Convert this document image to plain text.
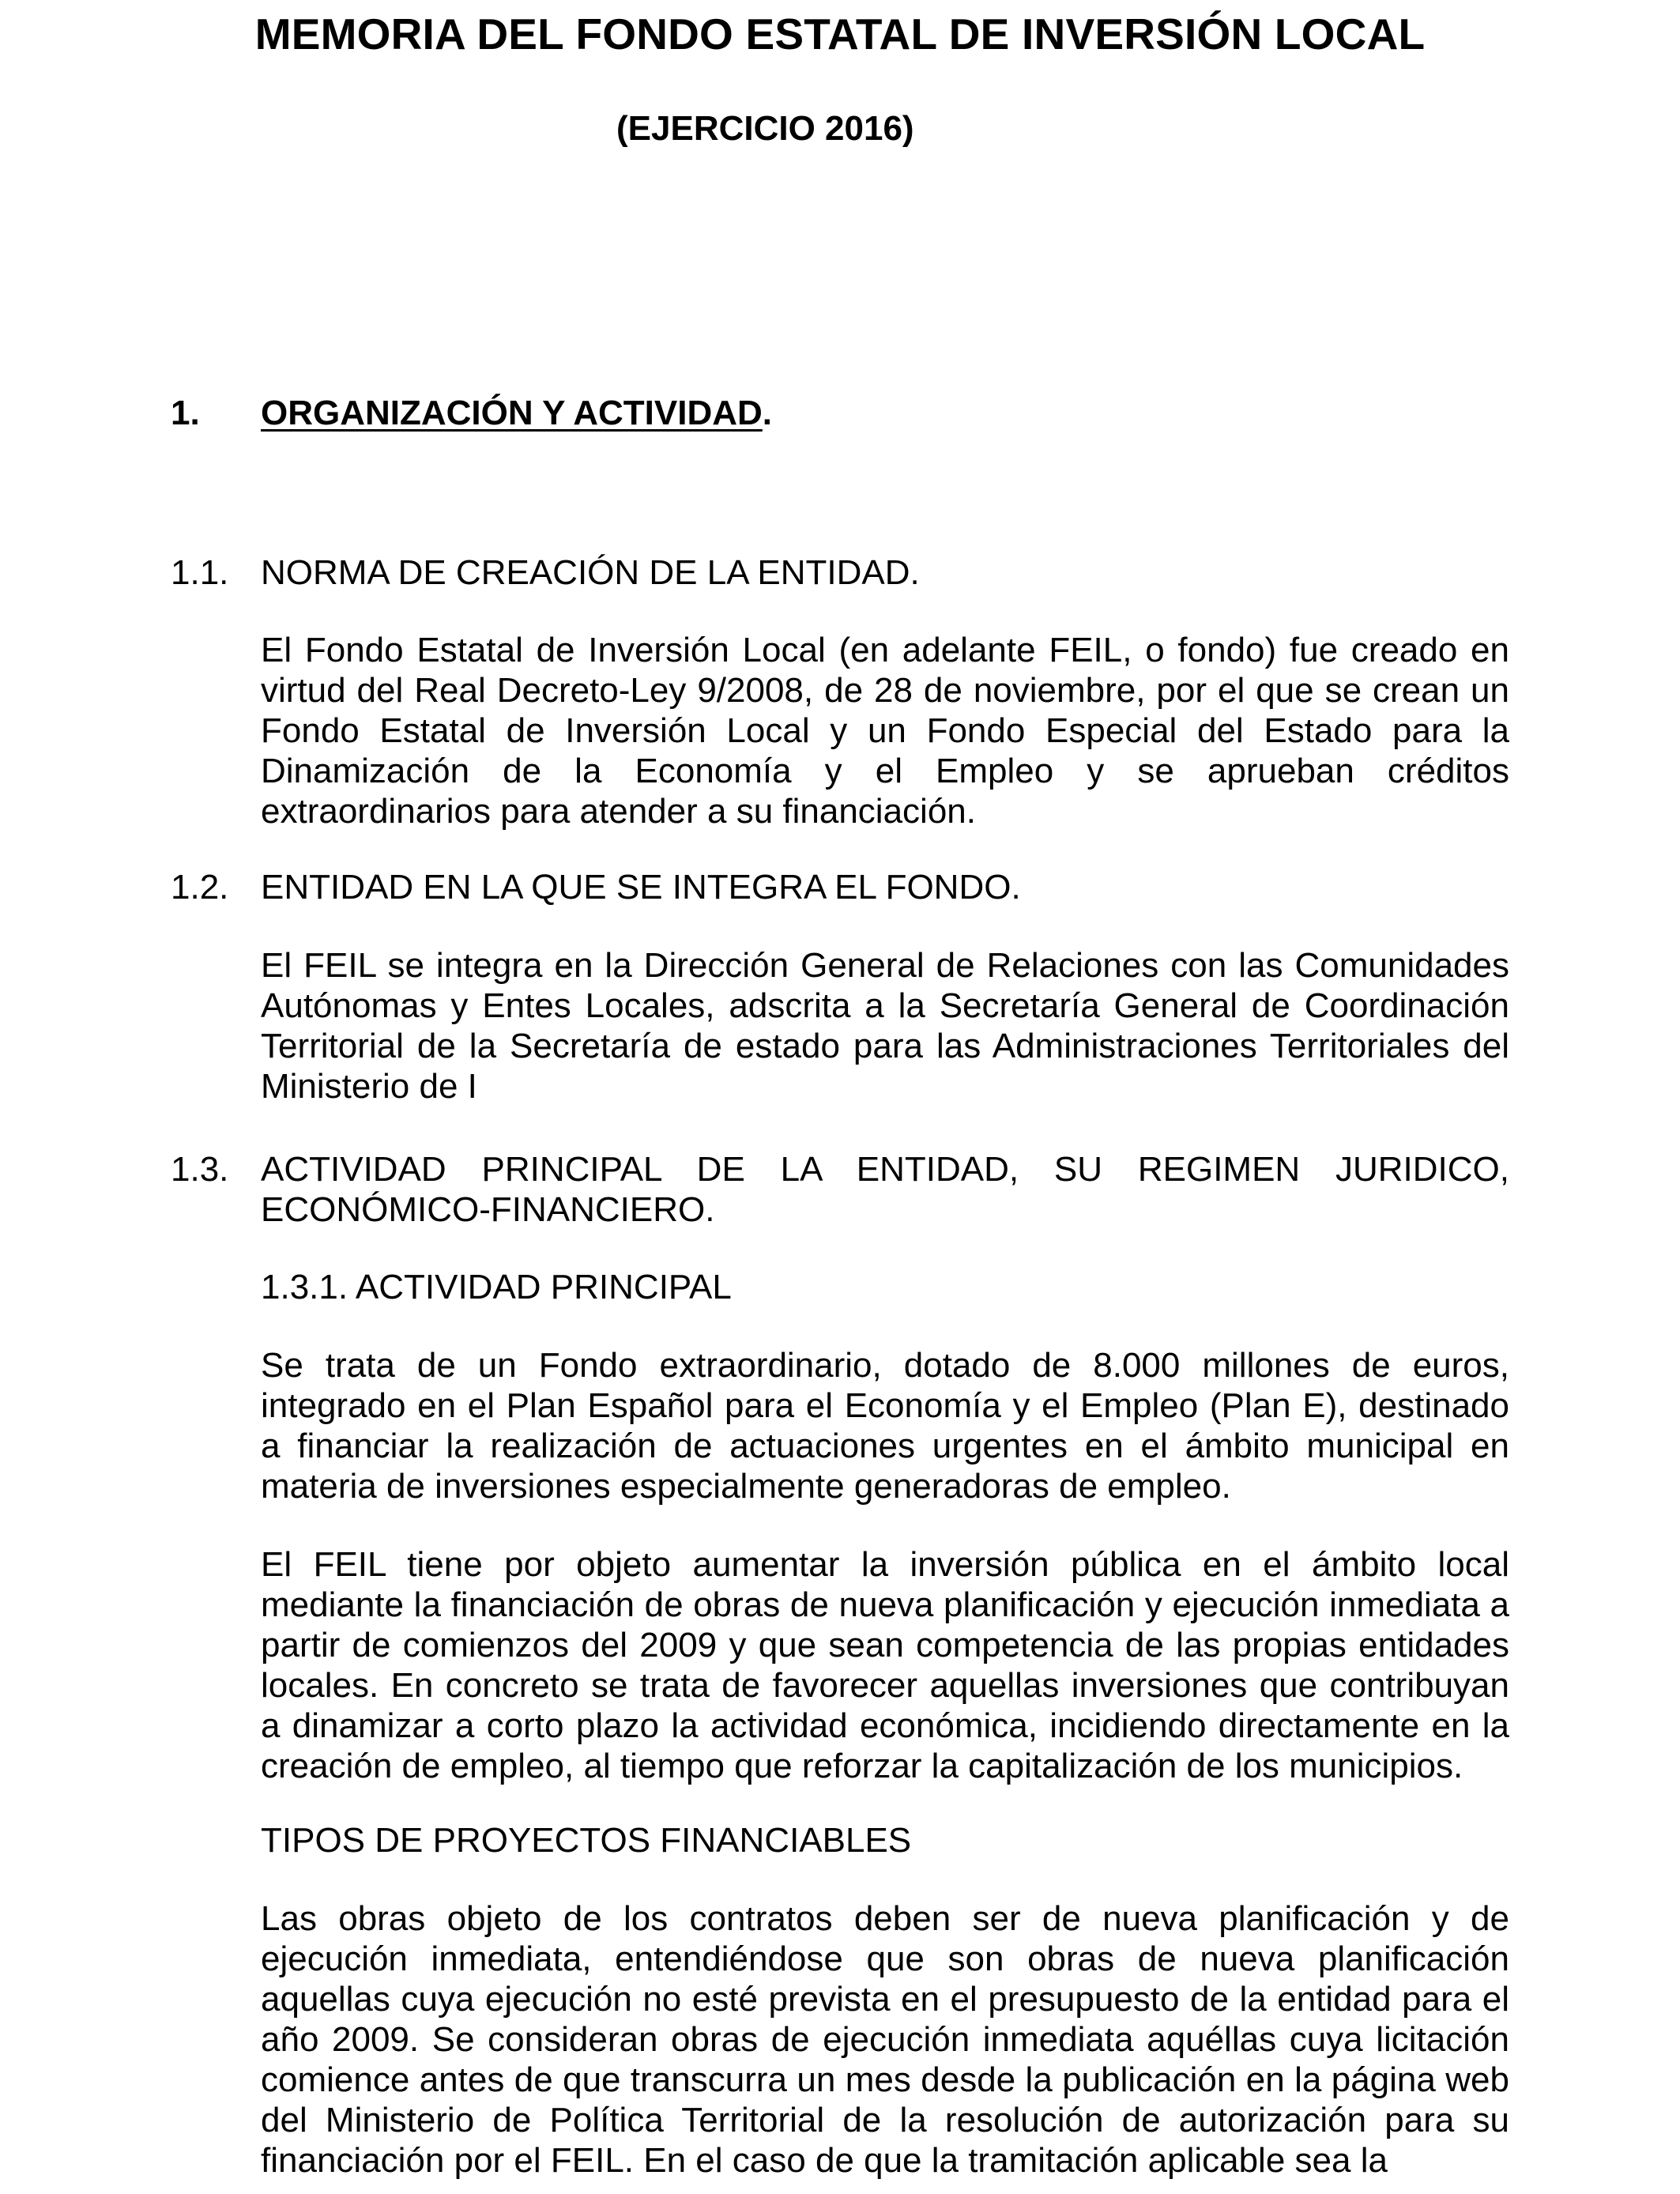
MEMORIA DEL FONDO ESTATAL DE INVERSIÓN LOCAL
(EJERCICIO 2016)
1. ORGANIZACIÓN Y ACTIVIDAD.
1.1. NORMA DE CREACIÓN DE LA ENTIDAD.
El Fondo Estatal de Inversión Local (en adelante FEIL, o fondo) fue creado en virtud del Real Decreto-Ley 9/2008, de 28 de noviembre, por el que se crean un Fondo Estatal de Inversión Local y un Fondo Especial del Estado para la Dinamización de la Economía y el Empleo y se aprueban créditos extraordinarios para atender a su financiación.
1.2. ENTIDAD EN LA QUE SE INTEGRA EL FONDO.
El FEIL se integra en la Dirección General de Relaciones con las Comunidades Autónomas y Entes Locales, adscrita a la Secretaría General de Coordinación Territorial de la Secretaría de estado para las Administraciones Territoriales del Ministerio de I
1.3. ACTIVIDAD PRINCIPAL DE LA ENTIDAD, SU REGIMEN JURIDICO, ECONÓMICO-FINANCIERO.
1.3.1. ACTIVIDAD PRINCIPAL
Se trata de un Fondo extraordinario, dotado de 8.000 millones de euros, integrado en el Plan Español para el Economía y el Empleo (Plan E), destinado a financiar la realización de actuaciones urgentes en el ámbito municipal en materia de inversiones especialmente generadoras de empleo.
El FEIL tiene por objeto aumentar la inversión pública en el ámbito local mediante la financiación de obras de nueva planificación y ejecución inmediata a partir de comienzos del 2009 y que sean competencia de las propias entidades locales. En concreto se trata de favorecer aquellas inversiones que contribuyan a dinamizar a corto plazo la actividad económica, incidiendo directamente en la creación de empleo, al tiempo que reforzar la capitalización de los municipios.
TIPOS DE PROYECTOS FINANCIABLES
Las obras objeto de los contratos deben ser de nueva planificación y de ejecución inmediata, entendiéndose que son obras de nueva planificación aquellas cuya ejecución no esté prevista en el presupuesto de la entidad para el año 2009. Se consideran obras de ejecución inmediata aquéllas cuya licitación comience antes de que transcurra un mes desde la publicación en la página web del Ministerio de Política Territorial de la resolución de autorización para su financiación por el FEIL. En el caso de que la tramitación aplicable sea la
